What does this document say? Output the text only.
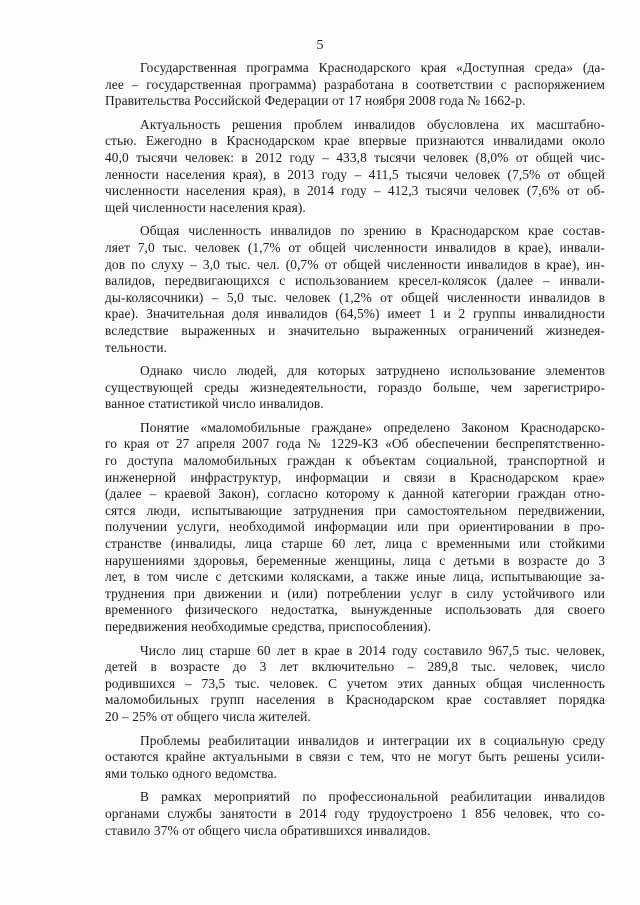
5
Государственная программа Краснодарского края «Доступная среда» (да-
лее – государственная программа) разработана в соответствии с распоряжением
Правительства Российской Федерации от 17 ноября 2008 года № 1662-р.
Актуальность решения проблем инвалидов обусловлена их масштабно-
стью. Ежегодно в Краснодарском крае впервые признаются инвалидами около
40,0 тысячи человек: в 2012 году – 433,8 тысячи человек (8,0% от общей чис-
ленности населения края), в 2013 году – 411,5 тысячи человек (7,5% от общей
численности населения края), в 2014 году – 412,3 тысячи человек (7,6% от об-
щей численности населения края).
Общая численность инвалидов по зрению в Краснодарском крае состав-
ляет 7,0 тыс. человек (1,7% от общей численности инвалидов в крае), инвали-
дов по слуху – 3,0 тыс. чел. (0,7% от общей численности инвалидов в крае), ин-
валидов, передвигающихся с использованием кресел-колясок (далее – инвали-
ды-колясочники) – 5,0 тыс. человек (1,2% от общей численности инвалидов в
крае). Значительная доля инвалидов (64,5%) имеет 1 и 2 группы инвалидности
вследствие выраженных и значительно выраженных ограничений жизнедея-
тельности.
Однако число людей, для которых затруднено использование элементов
существующей среды жизнедеятельности, гораздо больше, чем зарегистриро-
ванное статистикой число инвалидов.
Понятие «маломобильные граждане» определено Законом Краснодарско-
го края от 27 апреля 2007 года № 1229-КЗ «Об обеспечении беспрепятственно-
го доступа маломобильных граждан к объектам социальной, транспортной и
инженерной инфраструктур, информации и связи в Краснодарском крае»
(далее – краевой Закон), согласно которому к данной категории граждан отно-
сятся люди, испытывающие затруднения при самостоятельном передвижении,
получении услуги, необходимой информации или при ориентировании в про-
странстве (инвалиды, лица старше 60 лет, лица с временными или стойкими
нарушениями здоровья, беременные женщины, лица с детьми в возрасте до 3
лет, в том числе с детскими колясками, а также иные лица, испытывающие за-
труднения при движении и (или) потреблении услуг в силу устойчивого или
временного физического недостатка, вынужденные использовать для своего
передвижения необходимые средства, приспособления).
Число лиц старше 60 лет в крае в 2014 году составило 967,5 тыс. человек,
детей в возрасте до 3 лет включительно – 289,8 тыс. человек, число
родившихся – 73,5 тыс. человек. С учетом этих данных общая численность
маломобильных групп населения в Краснодарском крае составляет порядка
20 – 25% от общего числа жителей.
Проблемы реабилитации инвалидов и интеграции их в социальную среду
остаются крайне актуальными в связи с тем, что не могут быть решены усили-
ями только одного ведомства.
В рамках мероприятий по профессиональной реабилитации инвалидов
органами службы занятости в 2014 году трудоустроено 1 856 человек, что со-
ставило 37% от общего числа обратившихся инвалидов.
